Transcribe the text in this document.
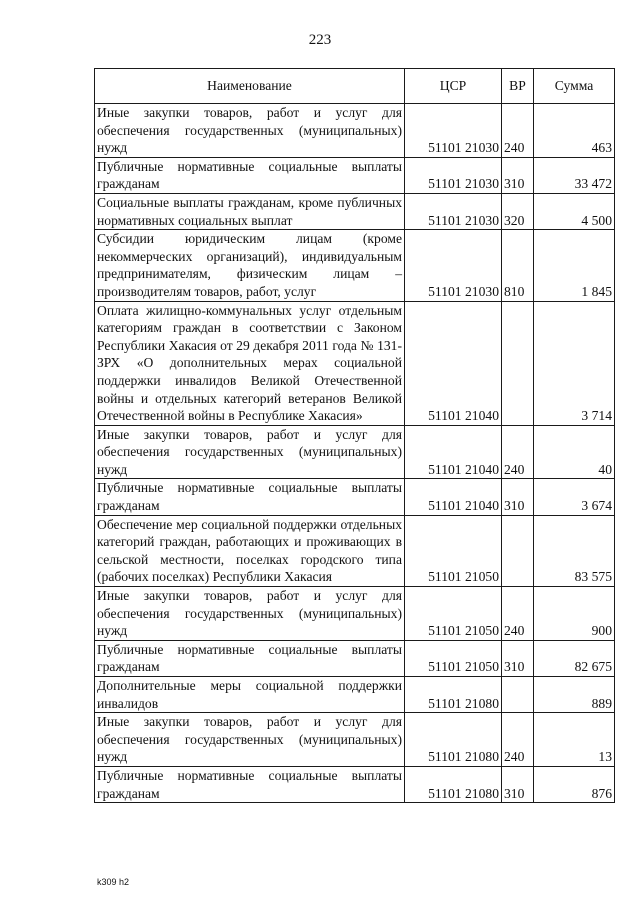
223
Наименование	ЦСР	ВР	Сумма
Иные закупки товаров, работ и услуг для обеспечения государственных (муниципальных) нужд	51101 21030	240	463
Публичные нормативные социальные выплаты гражданам	51101 21030	310	33 472
Социальные выплаты гражданам, кроме публичных нормативных социальных выплат	51101 21030	320	4 500
Субсидии юридическим лицам (кроме некоммерческих организаций), индивидуальным предпринимателям, физическим лицам – производителям товаров, работ, услуг	51101 21030	810	1 845
Оплата жилищно-коммунальных услуг отдельным категориям граждан в соответствии с Законом Республики Хакасия от 29 декабря 2011 года № 131-ЗРХ «О дополнительных мерах социальной поддержки инвалидов Великой Отечественной войны и отдельных категорий ветеранов Великой Отечественной войны в Республике Хакасия»	51101 21040		3 714
Иные закупки товаров, работ и услуг для обеспечения государственных (муниципальных) нужд	51101 21040	240	40
Публичные нормативные социальные выплаты гражданам	51101 21040	310	3 674
Обеспечение мер социальной поддержки отдельных категорий граждан, работающих и проживающих в сельской местности, поселках городского типа (рабочих поселках) Республики Хакасия	51101 21050		83 575
Иные закупки товаров, работ и услуг для обеспечения государственных (муниципальных) нужд	51101 21050	240	900
Публичные нормативные социальные выплаты гражданам	51101 21050	310	82 675
Дополнительные меры социальной поддержки инвалидов	51101 21080		889
Иные закупки товаров, работ и услуг для обеспечения государственных (муниципальных) нужд	51101 21080	240	13
Публичные нормативные социальные выплаты гражданам	51101 21080	310	876
k309 h2
